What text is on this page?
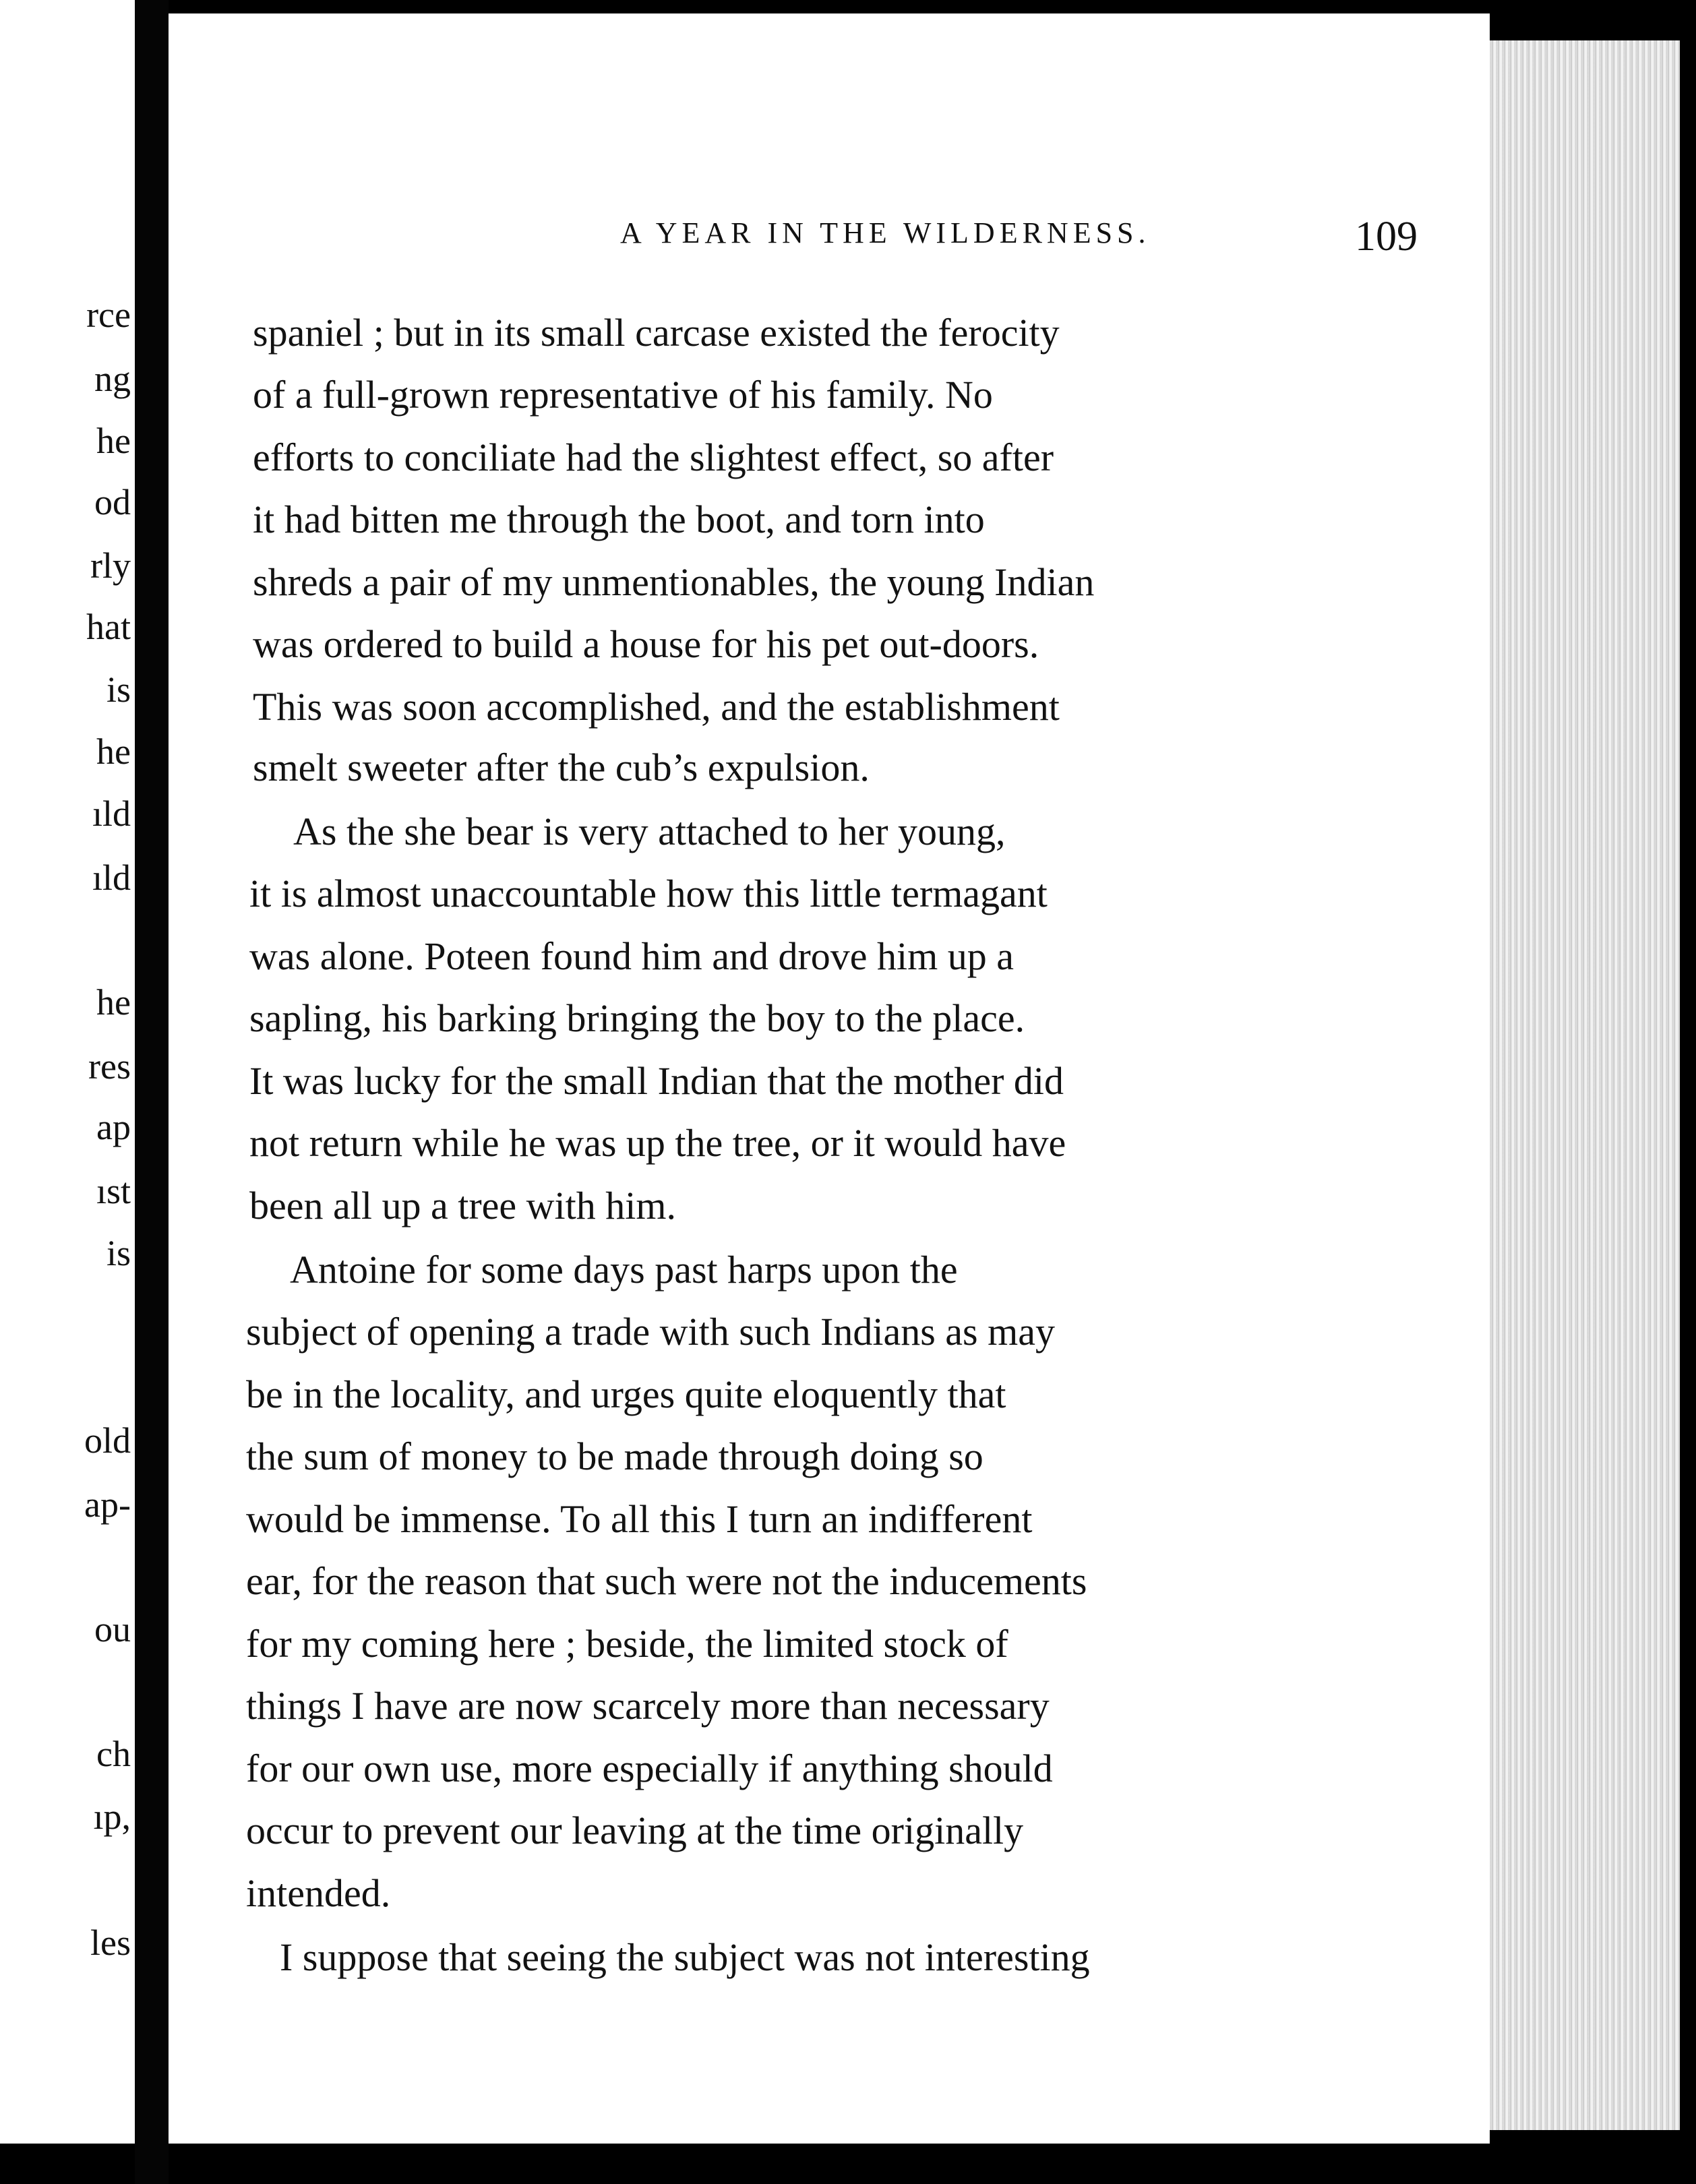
rce
ng
he
od
rly
hat
is
he
ıld
ıld
he
res
ap
ıst
is
old
ap-
ou
ch
ıp,
les
A YEAR IN THE WILDERNESS.	109
spaniel ; but in its small carcase existed the ferocity
of a full-grown representative of his family. No
efforts to conciliate had the slightest effect, so after
it had bitten me through the boot, and torn into
shreds a pair of my unmentionables, the young Indian
was ordered to build a house for his pet out-doors.
This was soon accomplished, and the establishment
smelt sweeter after the cub’s expulsion.
As the she bear is very attached to her young,
it is almost unaccountable how this little termagant
was alone. Poteen found him and drove him up a
sapling, his barking bringing the boy to the place.
It was lucky for the small Indian that the mother did
not return while he was up the tree, or it would have
been all up a tree with him.
Antoine for some days past harps upon the
subject of opening a trade with such Indians as may
be in the locality, and urges quite eloquently that
the sum of money to be made through doing so
would be immense. To all this I turn an indifferent
ear, for the reason that such were not the inducements
for my coming here ; beside, the limited stock of
things I have are now scarcely more than necessary
for our own use, more especially if anything should
occur to prevent our leaving at the time originally
intended.
I suppose that seeing the subject was not interesting
